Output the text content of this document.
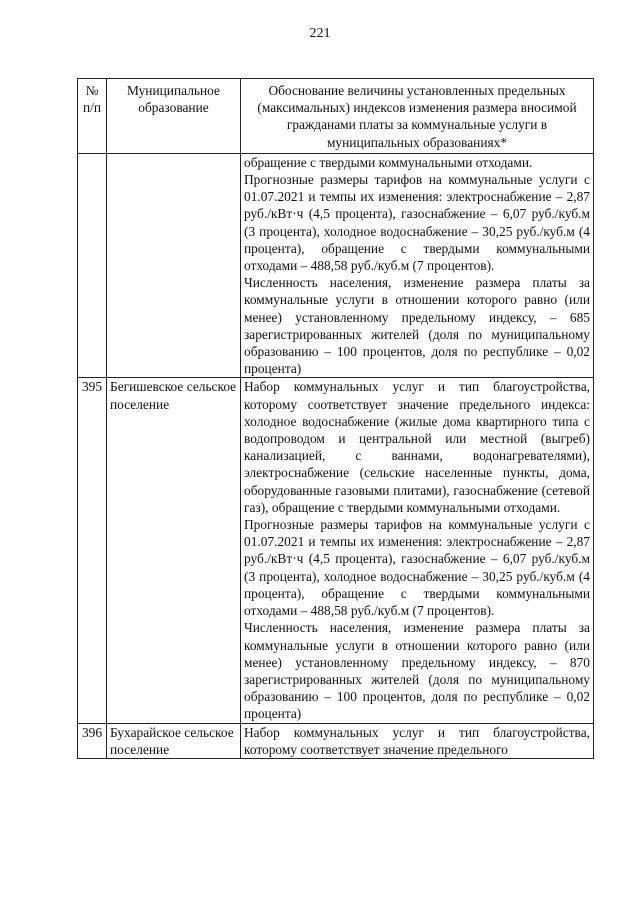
221
№ п/п	Муниципальное образование	Обоснование величины установленных предельных (максимальных) индексов изменения размера вносимой гражданами платы за коммунальные услуги в муниципальных образованиях*

		обращение с твердыми коммунальными отходами.

Прогнозные размеры тарифов на коммунальные услуги с 01.07.2021 и темпы их изменения: электроснабжение – 2,87 руб./кВт·ч (4,5 процента), газоснабжение – 6,07 руб./куб.м (3 процента), холодное водоснабжение – 30,25 руб./куб.м (4 процента), обращение с твердыми коммунальными отходами – 488,58 руб./куб.м (7 процентов).

Численность населения, изменение размера платы за коммунальные услуги в отношении которого равно (или менее) установленному предельному индексу, – 685 зарегистрированных жителей (доля по муниципальному образованию – 100 процентов, доля по республике – 0,02 процента)

395	Бегишевское сельское поселение	Набор коммунальных услуг и тип благоустройства, которому соответствует значение предельного индекса: холодное водоснабжение (жилые дома квартирного типа с водопроводом и центральной или местной (выгреб) канализацией, с ваннами, водонагревателями), электроснабжение (сельские населенные пункты, дома, оборудованные газовыми плитами), газоснабжение (сетевой газ), обращение с твердыми коммунальными отходами.

Прогнозные размеры тарифов на коммунальные услуги с 01.07.2021 и темпы их изменения: электроснабжение – 2,87 руб./кВт·ч (4,5 процента), газоснабжение – 6,07 руб./куб.м (3 процента), холодное водоснабжение – 30,25 руб./куб.м (4 процента), обращение с твердыми коммунальными отходами – 488,58 руб./куб.м (7 процентов).

Численность населения, изменение размера платы за коммунальные услуги в отношении которого равно (или менее) установленному предельному индексу, – 870 зарегистрированных жителей (доля по муниципальному образованию – 100 процентов, доля по республике – 0,02 процента)

396	Бухарайское сельское поселение	Набор коммунальных услуг и тип благоустройства, которому соответствует значение предельного
